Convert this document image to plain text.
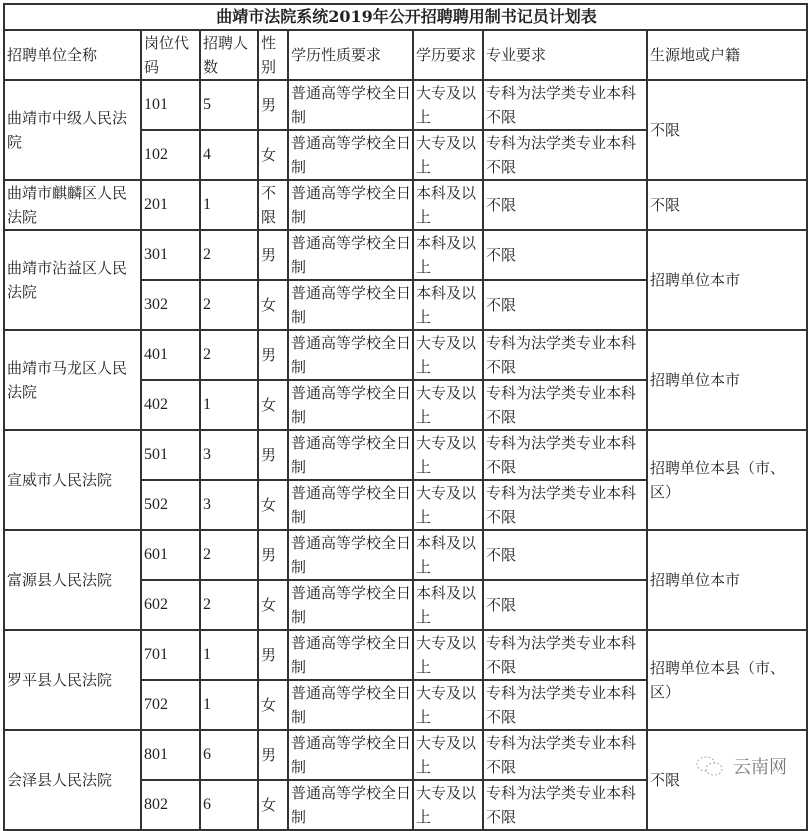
曲靖市法院系统2019年公开招聘聘用制书记员计划表							
招聘单位全称	岗位代码	招聘人数	性别	学历性质要求	学历要求	专业要求	生源地或户籍
曲靖市中级人民法院	101	5	男	普通高等学校全日制	大专及以上	专科为法学类专业本科不限	不限
	102	4	女	普通高等学校全日制	大专及以上	专科为法学类专业本科不限	
曲靖市麒麟区人民法院	201	1	不限	普通高等学校全日制	本科及以上	不限	不限
曲靖市沾益区人民法院	301	2	男	普通高等学校全日制	本科及以上	不限	招聘单位本市
	302	2	女	普通高等学校全日制	本科及以上	不限	
曲靖市马龙区人民法院	401	2	男	普通高等学校全日制	大专及以上	专科为法学类专业本科不限	招聘单位本市
	402	1	女	普通高等学校全日制	大专及以上	专科为法学类专业本科不限	
宣威市人民法院	501	3	男	普通高等学校全日制	大专及以上	专科为法学类专业本科不限	招聘单位本县（市、区）
	502	3	女	普通高等学校全日制	大专及以上	专科为法学类专业本科不限	
富源县人民法院	601	2	男	普通高等学校全日制	本科及以上	不限	招聘单位本市
	602	2	女	普通高等学校全日制	本科及以上	不限	
罗平县人民法院	701	1	男	普通高等学校全日制	大专及以上	专科为法学类专业本科不限	招聘单位本县（市、区）
	702	1	女	普通高等学校全日制	大专及以上	专科为法学类专业本科不限	
会泽县人民法院	801	6	男	普通高等学校全日制	大专及以上	专科为法学类专业本科不限	不限
	802	6	女	普通高等学校全日制	大专及以上	专科为法学类专业本科不限	
云南网
